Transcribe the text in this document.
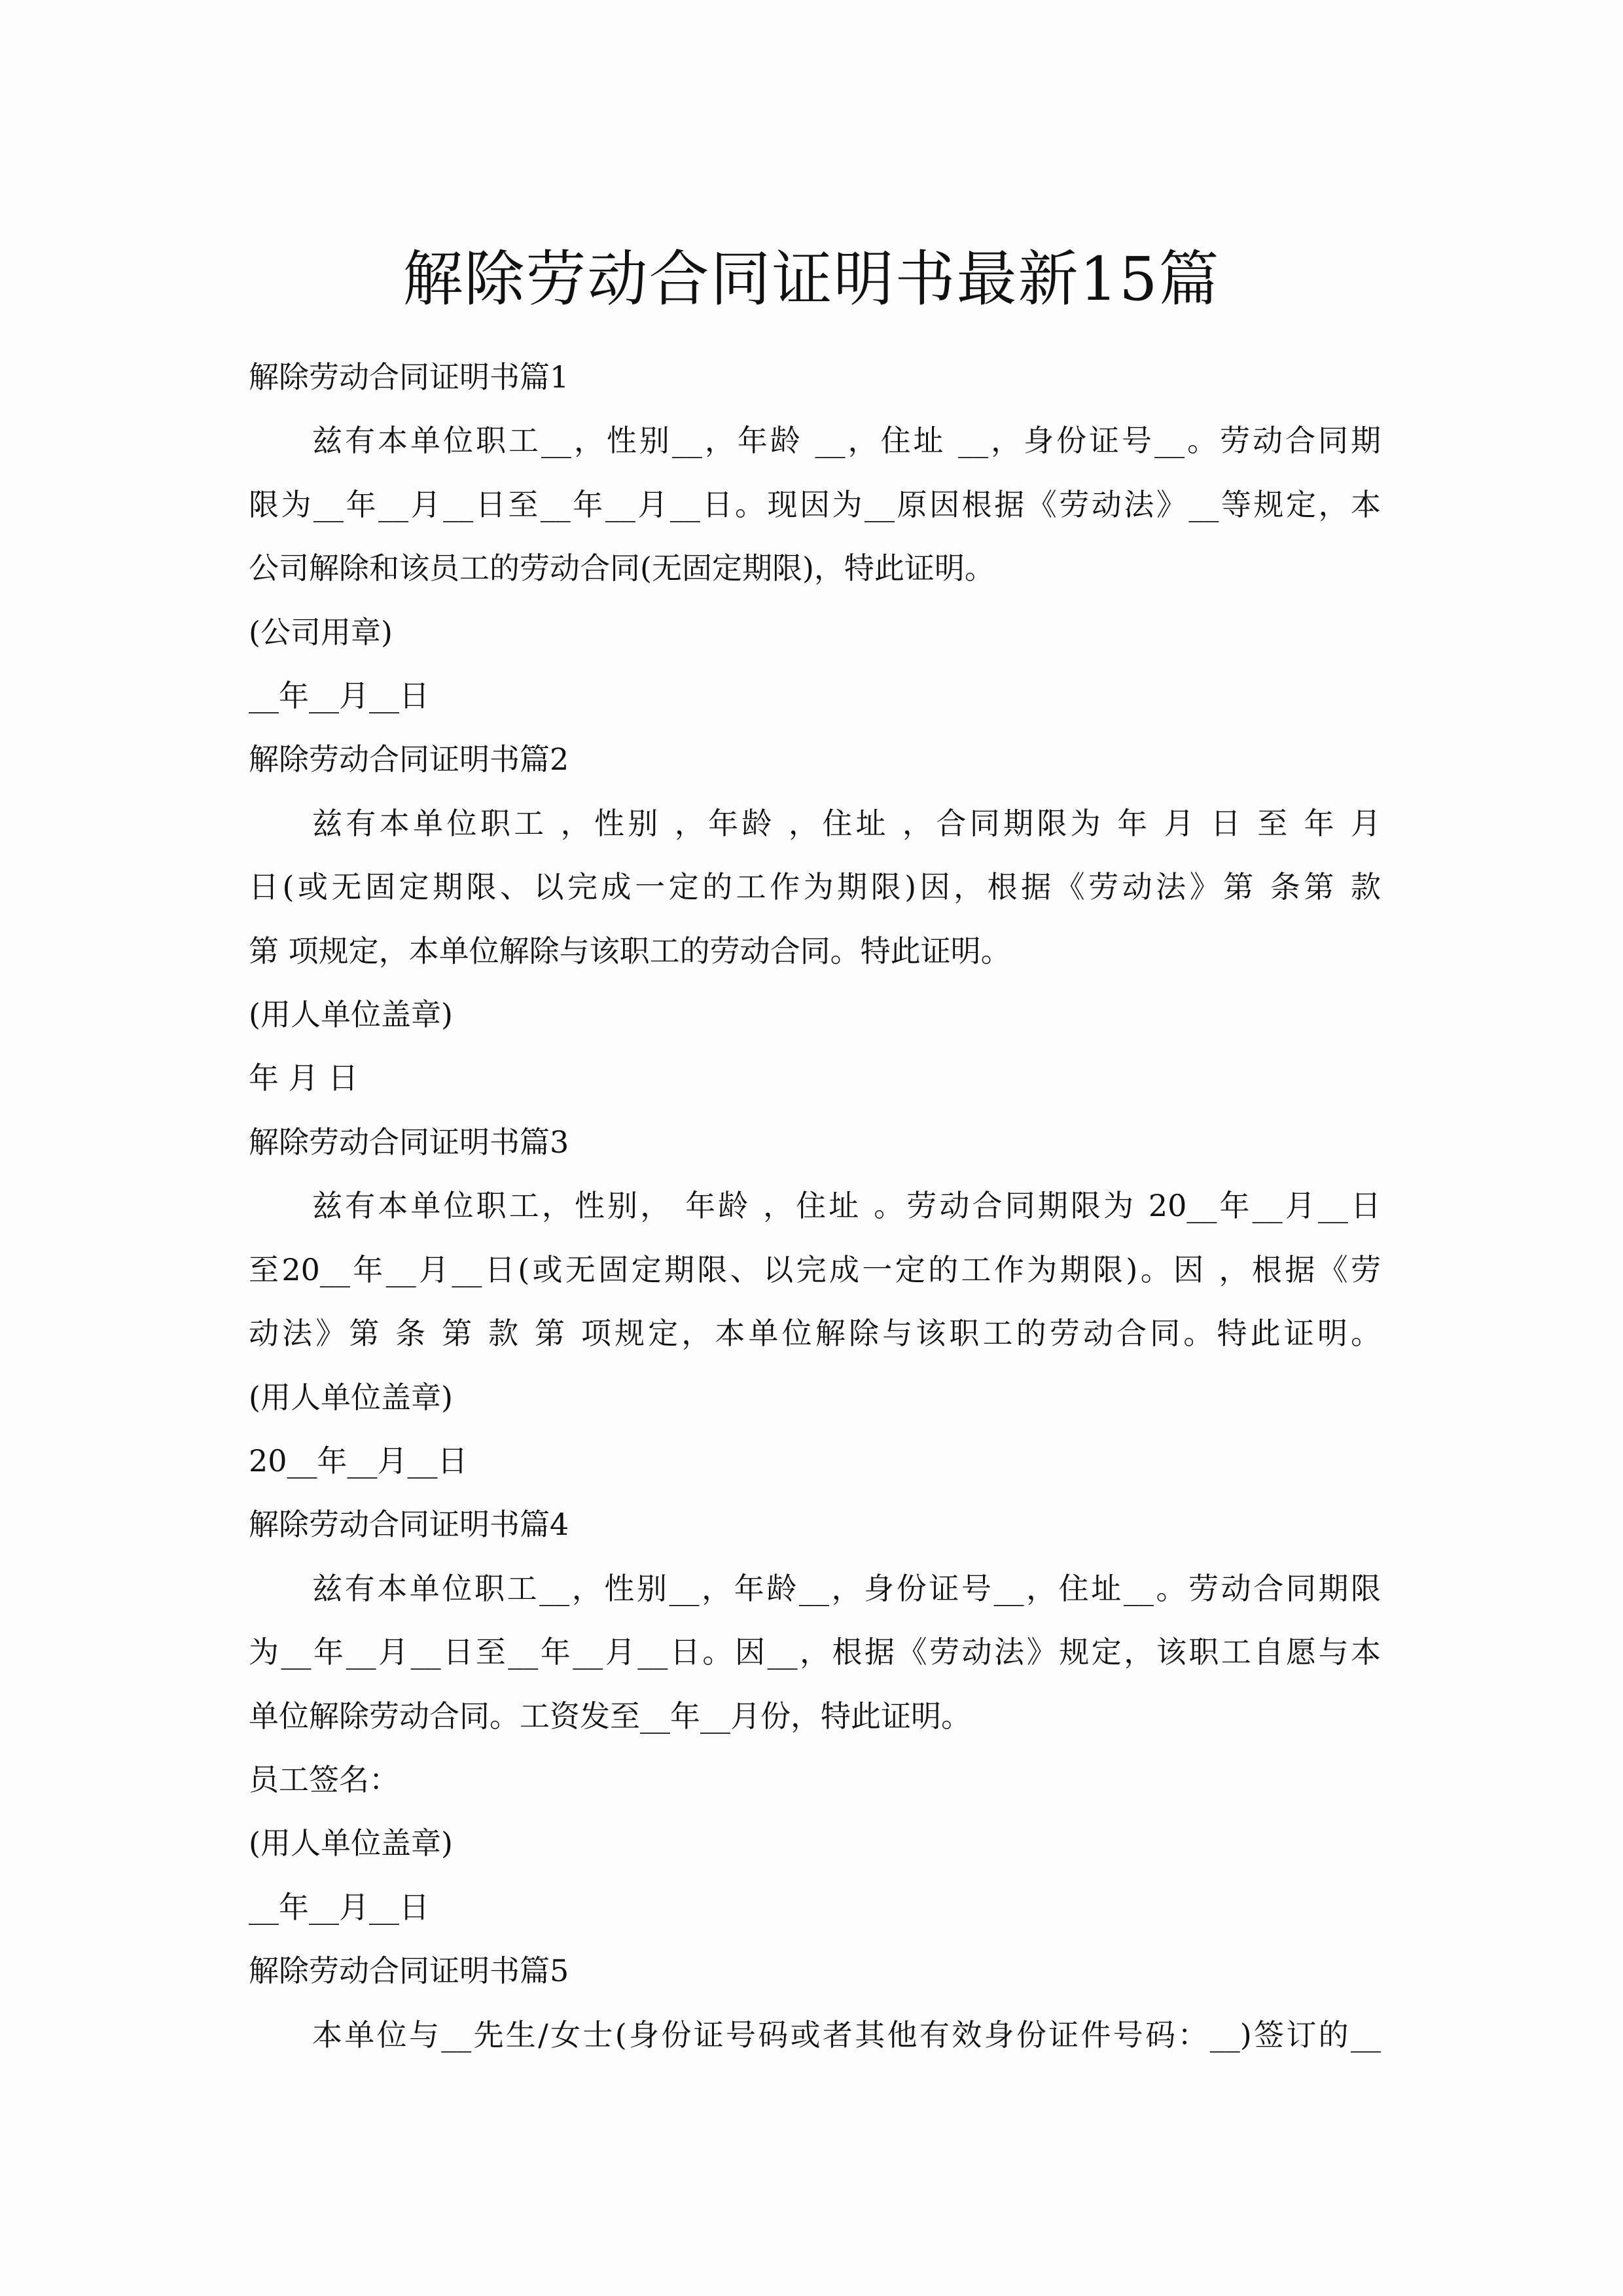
解除劳动合同证明书最新15篇

解除劳动合同证明书篇1

兹有本单位职工__，性别__，年龄 __，住址 __，身份证号__。劳动合同期
限为__年__月__日至__年__月__日。现因为__原因根据《劳动法》__等规定，本
公司解除和该员工的劳动合同(无固定期限)，特此证明。

(公司用章)

__年__月__日

解除劳动合同证明书篇2

兹有本单位职工 ，性别 ，年龄 ，住址 ，合同期限为 年 月 日 至 年 月
日(或无固定期限、以完成一定的工作为期限)因，根据《劳动法》第 条第 款
第 项规定，本单位解除与该职工的劳动合同。特此证明。

(用人单位盖章)

年 月 日

解除劳动合同证明书篇3

兹有本单位职工，性别， 年龄 ，住址 。劳动合同期限为 20__年__月__日
至20__年__月__日(或无固定期限、以完成一定的工作为期限)。因 ，根据《劳
动法》第 条 第 款 第 项规定，本单位解除与该职工的劳动合同。特此证明。

(用人单位盖章)

20__年__月__日

解除劳动合同证明书篇4

兹有本单位职工__，性别__，年龄__，身份证号__，住址__。劳动合同期限
为__年__月__日至__年__月__日。因__，根据《劳动法》规定，该职工自愿与本
单位解除劳动合同。工资发至__年__月份，特此证明。

员工签名：

(用人单位盖章)

__年__月__日

解除劳动合同证明书篇5

本单位与__先生/女士(身份证号码或者其他有效身份证件号码：__)签订的__
